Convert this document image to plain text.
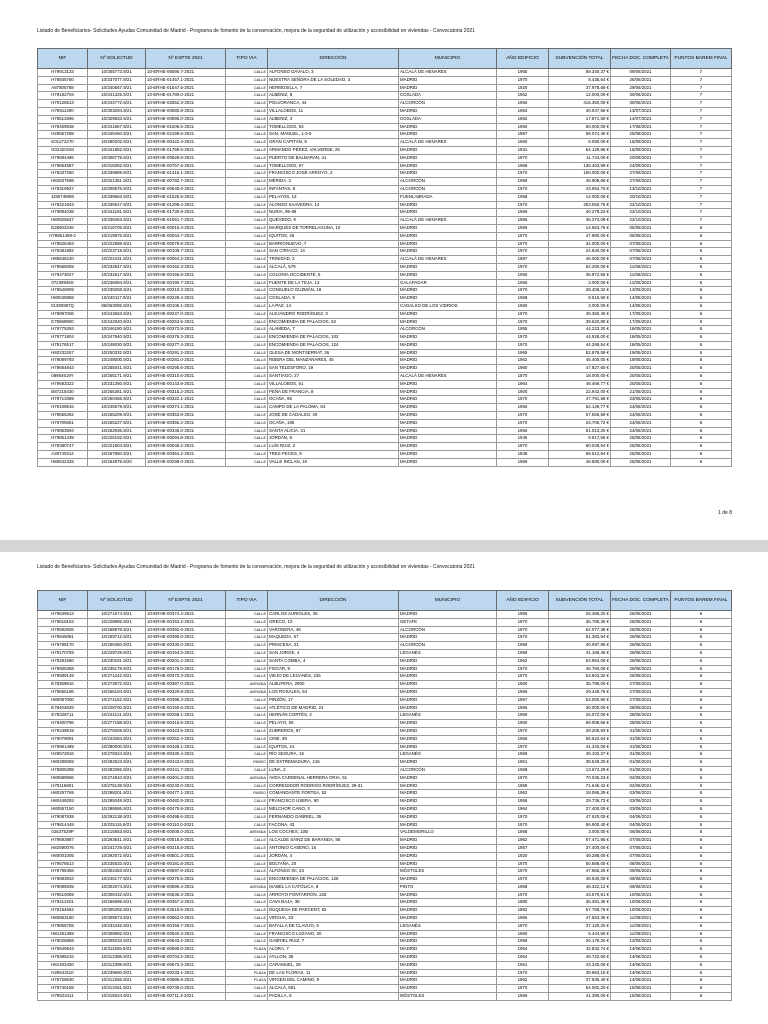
Listado de Beneficiarios- Solicitudes Ayudas Comunidad de Madrid - Programa de fomento de la conservación, mejora de la seguridad de utilización y accesibilidad en viviendas - Convocatoria 2021
NIF	Nº SOLICITUD	Nº EXPTE 2021	TIPO VIA	DIRECCIÓN	MUNICIPIO	AÑO EDIFICIO	SUBVENCIÓN TOTAL	FECHA DOC. COMPLETA	PUNTOS BAREM FINAL
H79913133	10/305773.9/21	10-ERHE-00596.7-2021	CALLE	ALFONSO DÁVALO, 3	ALCALÁ DE HENARES	1965	59.340,37 €	09/06/2021	7
H78845760	10/337077.9/21	10-ERHE-01457.1-2021	CALLE	NUESTRA SEÑORA DE LA SOLEDAD, 3	MADRID	1970	8.435,64 €	26/06/2021	7
A87805768	10/340567.9/21	10-ERHE-01547.5-2021	CALLE	HERMOSILLA, 7	MADRID	1920	37.978,68 €	29/06/2021	7
H79192704	10/341325.9/21	10-ERHE-01780.0-2021	CALLE	ALBÉNIZ, 8	COSLADA	1962	12.000,00 €	30/06/2021	7
H79125613	10/344772.9/21	10-ERHE-02552.3-2021	CALLE	POLVORANCA, 44	ALCORCÓN	1965	415.350,00 €	30/06/2021	7
H79911400	10/303294.9/21	10-ERHE-00580.8-2021	CALLE	VILLALOBOS, 11	MADRID	1963	40.047,56 €	13/07/2021	7
H78512696	10/329833.9/21	10-ERHE-00995.0-2021	CALLE	ALBENIZ, 3	COSLADA	1962	17.871,50 €	14/07/2021	7
H79469938	10/341867.9/21	10-ERHE-01606.5-2021	CALLE	TOMELLOSO, 53	MADRID	1960	60.000,00 €	17/08/2021	7
H28557288	10/345460.9/21	10-ERHE-02199.6-2021	CALLE	SAN, MANUEL, 1-3-5	MADRID	1967	58.074,40 €	25/08/2021	7
E01272270	10/280202.9/21	10-ERHE-00422.4-2021	CALLE	GRAN CAPITÁN, 9	ALCALÁ DE HENARES	1960	6.090,00 €	16/09/2021	7
G02320194	10/341882.9/21	10-ERHE-01769.5-2021	CALLE	ARMANDO PÉREZ, VALVERDE, 25	MADRID	1931	64.129,86 €	16/09/2021	7
H79684486	10/308779.9/21	10-ERHE-00629.8-2021	CALLE	PUERTO DE BALBARAN, 41	MADRID	1970	11.744,00 €	20/09/2021	7
H79664587	10/318392.9/21	10-ERHE-00757.6-2021	CALLE	TOMELLOSO, 57	MADRID	1968	135.463,99 €	24/09/2021	7
H78337250	10/336889.9/21	10-ERHE-01416.1-2021	CALLE	FRANCISCO JOSÉ ARROYO, 2	MADRID	1970	160.000,00 €	27/09/2021	7
H82537598	10/321351.9/21	10-ERHE-00782.7-2021	CALLE	MÉRIDA, 3	ALCORCÓN	1969	45.909,66 €	27/09/2021	7
H79319927	10/308576.9/21	10-ERHE-00640.6-2021	CALLE	INFANTAS, 8	ALCORCÓN	1970	43.952,70 €	13/10/2021	7
11807489W	10/339663.9/21	10-ERHE-01525.5-2021	CALLE	PELAYOS, 13	FUENLABRADA	1968	14.000,00 €	20/10/2021	7
H78221843	10/335917.9/21	10-ERHE-01298.4-2021	CALLE	ALONSO SAAVEDRA, 14	MADRID	1970	253.050,75 €	22/10/2021	7
H79894038	10/342181.9/21	10-ERHE-01730.8-2021	CALLE	NURIA, 85-89	MADRID	1969	40.278,23 €	22/10/2021	7
H80825847	10/339463.9/21	10-ERHE-01551.7-2021	CALLE	QUEVEDO, 9	ALCALÁ DE HENARES	1965	36.274,09 €	22/10/2021	7
E28603348	10/216705.9/21	10-ERHE-00016.3-2021	CALLE	MARQUÉS DE TORRELAGUNA, 10	MADRID	1959	14.663,76 €	05/05/2021	6
H78961489-2	10/219876.9/21	10-ERHE-00044.7-2021	CALLE	IQUITOS, 26	MADRID	1970	47.980,00 €	06/05/2021	6
H79626453	10/222588.9/21	10-ERHE-00078.8-2021	CALLE	BARRIONUEVO, 7	MADRID	1970	34.000,00 €	07/05/2021	6
H79381992	10/223719.9/21	10-ERHE-00109.7-2021	CALLE	SAN CIRIACO, 14	MADRID	1970	24.640,00 €	07/05/2021	6
H85645240	10/222431.9/21	10-ERHE-00064.2-2021	CALLE	TRINIDAD, 2	ALCALÁ DE HENARES	1887	46.000,00 €	07/05/2021	6
H79565065	10/232547.9/21	10-ERHE-00162.3-2021	CALLE	ALCALÁ, 579	MADRID	1970	52.260,00 €	11/05/2021	6
H79473047	10/232617.9/21	10-ERHE-00156.8-2021	CALLE	COLONIA OCCIDENTE, 6	MADRID	1955	35.972,55 €	11/05/2021	6
07239936S	10/236084.9/21	10-ERHE-00190.7-2021	CALLE	FUENTE DE LA TEJA, 13	GALAPAGAR	1955	3.000,00 €	12/05/2021	6
H79546909	10/239258.9/21	10-ERHE-00210.3-2021	CALLE	CONSUELO GUZMÁN, 19	MADRID	1970	28.406,32 €	13/05/2021	6
H80045958	10/240117.9/21	10-ERHE-00228.4-2021	CALLE	COSLADA, 8	MADRID	1968	9.615,60 €	14/05/2021	6
01390987Q	99/063095.9/21	10-ERHE-00106.1-2021	CALLE	LA PAZ, 14	CADALSO DE LOS VIDRIOS	1960	3.000,00 €	14/05/2021	6
H78897006	10/243663.9/21	10-ERHE-00247.0-2021	CALLE	ALEJANDRO RODRÍGUEZ, 3	MADRID	1970	45.360,40 €	17/05/2021	6
E78669900	10/242920.9/21	10-ERHE-00253.5-2021	CALLE	ENCOMIENDA DE PALACIOS, 62	MADRID	1970	39.620,80 €	17/05/2021	6
H79775284	10/246180.9/21	10-ERHE-00272.8-2021	CALLE	ALAMEDA, 7	ALCORCÓN	1955	44.223,20 €	18/05/2021	6
H79771804	10/247940.9/21	10-ERHE-00276.3-2021	CALLE	ENCOMIENDA DE PALACIOS, 102	MADRID	1970	44.928,00 €	18/05/2021	6
H79176517	10/248030.9/21	10-ERHE-00277.4-2021	CALLE	ENCOMIENDA DE PALACIOS, 124	MADRID	1970	44.289,54 €	18/05/2021	6
H80232267	10/250332.9/21	10-ERHE-00291.2-2021	CALLE	OLESA DE MONTSERRAT, 36	MADRID	1965	52.879,59 €	19/05/2021	6
H79089793	10/248000.9/21	10-ERHE-00281.0-2021	CALLE	RIBERA DEL MANZANARES, 45	MADRID	1962	46.400,00 €	19/05/2021	6
H79664843	10/255041.9/21	10-ERHE-00295.6-2021	CALLE	SAN TELESFORO, 19	MADRID	1960	47.827,60 €	20/05/2021	6
08954619Y	10/255171.9/21	10-ERHE-00310.6-2021	CALLE	SANTIAGO, 27	ALCALÁ DE HENARES	1870	18.000,00 €	20/05/2021	6
H79683322	10/231350.9/21	10-ERHE-00143.9-2021	CALLE	VILLALOBOS, 61	MADRID	1964	48.469,77 €	20/05/2021	6
B87215430	10/255361.9/21	10-ERHE-00315.2-2021	CALLE	PEÑA DE FRANCIA, 8	MADRID	1900	22.942,00 €	21/05/2021	6
H79713389	10/260456.9/21	10-ERHE-00322.1-2021	CALLE	OCAÑA, 95	MADRID	1970	47.791,58 €	23/05/2021	6
H79108916	10/245679.9/21	10-ERHE-00274.1-2021	CALLE	CAMPO DE LA PALOMA, 84	MADRID	1965	52.149,77 €	24/05/2021	6
H79556262	10/265209.9/21	10-ERHE-00353.8-2021	CALLE	JOSÉ DE CADALSO, 40	MADRID	1970	57.566,59 €	24/05/2021	6
H79706651	10/265227.9/21	10-ERHE-00356.2-2021	CALLE	OCAÑA, 195	MADRID	1970	23.706,72 €	24/05/2021	6
H79853594	10/262936.9/21	10-ERHE-00346.0-2021	CALLE	SANTA ALICIA, 31	MADRID	1965	51.013,20 €	24/05/2021	6
H79851439	10/225192.9/21	10-ERHE-00094.8-2021	CALLE	JORDÁN, 9	MADRID	1945	9.517,56 €	25/05/2021	6
H79380747	10/221804.9/21	10-ERHE-00048.2-2021	CALLE	LUIS RUIZ, 2	MADRID	1970	60.048,54 €	25/05/2021	6
A28740314	10/267850.9/21	10-ERHE-00364.2-2021	CALLE	TRES PECES, 9	MADRID	1848	69.512,84 €	25/05/2021	6
H80642325	10/254879.9/20	10-ERHE-00298.0-2021	CALLE	VALLE INCLAN, 18	MADRID	1969	48.680,00 €	25/05/2021	6
1 de 8
Listado de Beneficiarios- Solicitudes Ayudas Comunidad de Madrid - Programa de fomento de la conservación, mejora de la seguridad de utilización y accesibilidad en viviendas - Convocatoria 2021
NIF	Nº SOLICITUD	Nº EXPTE 2021	TIPO VIA	DIRECCIÓN	MUNICIPIO	AÑO EDIFICIO	SUBVENCIÓN TOTAL	FECHA DOC. COMPLETA	PUNTOS BAREM FINAL
H79639613	10/271574.9/21	10-ERHE-00374.4-2021	CALLE	CARLOS AURIOLES, 36	MADRID	1956	26.485,20 €	26/05/2021	6
H79618153	10/228895.9/21	10-ERHE-00153.2-2021	CALLE	GRECO, 10	GETAFE	1970	35.785,30 €	26/05/2021	6
H79592606	10/268978.9/21	10-ERHE-00392.6-2021	CALLE	VARONERA, 48	ALCORCÓN	1970	52.077,38 €	26/05/2021	6
H79845081	10/269712.9/21	10-ERHE-00395.0-2021	CALLE	MAQUEDA, 57	MADRID	1970	51.383,94 €	26/05/2021	6
H79788170	10/256350.9/21	10-ERHE-00330.0-2021	CALLE	PRINCESA, 21	ALCORCÓN	1969	40.097,95 €	26/05/2021	6
H79170759	10/229729.9/21	10-ERHE-00154.3-2021	CALLE	SAN JORGE, 4	LEGANÉS	1969	41.168,45 €	26/05/2021	6
H79291580	10/230181.9/21	10-ERHE-00201.2-2021	CALLE	SANTA COMBA, 4	MADRID	1962	53.984,00 €	26/05/2021	6
H79505368	10/235178.9/21	10-ERHE-00176.0-2021	CALLE	FISCAR, 9	MADRID	1970	46.760,00 €	26/05/2021	6
H79589149	10/271242.9/21	10-ERHE-00373.3-2021	CALLE	VIEJO DE LEGANÉS, 225	MADRID	1970	53.603,32 €	26/05/2021	6
E78359916	10/273972.9/21	10-ERHE-00387.0-2021	AVENIDA	ALBUFERA, 2900	MADRID	1960	35.796,00 €	27/05/2021	6
H79665196	10/266194.9/21	10-ERHE-00320.8-2021	AVENIDA	LOS ROSALES, 84	MADRID	1966	29.448,76 €	27/05/2021	6
H80087000	10/274152.9/21	10-ERHE-00398.3-2021	CALLE	PINZÓN, 17	MADRID	1967	53.050,80 €	27/05/2021	6
E78404829	10/228700.9/21	10-ERHE-00150.6-2021	CALLE	ATLÉTICO DE MADRID, 24	MADRID	1965	30.000,00 €	28/05/2021	6
E78329711	10/244121.9/21	10-ERHE-00258.1-2021	CALLE	HERNÁN CORTÉS, 2	LEGANÉS	1969	25.072,00 €	28/05/2021	6
H79400796	10/277188.9/21	10-ERHE-00416.6-2021	CALLE	PELAYO, 55	MADRID	1900	69.008,56 €	29/05/2021	6
H79249819	10/279269.9/21	10-ERHE-00423.5-2021	CALLE	ZUBREROS, 87	MADRID	1970	29.205,93 €	31/05/2021	6
H79079091	10/243284.9/21	10-ERHE-00252.4-2021	CALLE	CINE, 39	MADRID	1966	56.622,64 €	31/05/2021	6
H78961489	10/280000.9/21	10-ERHE-00428.1-2021	CALLE	IQUITOS, 24	MADRID	1970	41.340,00 €	31/05/2021	6
H28572816	10/279324.9/21	10-ERHE-00430.4-2021	CALLE	RÍO SEGURA, 16	LEGANÉS	1969	45.102,27 €	31/05/2021	6
H80289059	10/282523.9/21	10-ERHE-00443.0-2021	PASEO	DE EXTREMADURA, 216	MADRID	1961	39.549,20 €	01/06/2021	6
H79805398	10/283366.9/21	10-ERHE-00441.7-2021	CALLE	LUNA, 2	ALCORCÓN	1968	13.674,29 €	01/06/2021	6
H80589596	10/274910.9/21	10-ERHE-00401.2-2021	AVENIDA	AVDA CARDENAL HERRERA ORIA, 51	MADRID	1970	70.045,23 €	02/06/2021	6
H79116901	10/275138.9/21	10-ERHE-00240.0-2021	CALLE	CORREGIDOR RODRIGO RODRÍGUEZ, 29-31	MADRID	1959	71.646,42 €	02/06/2021	6
H80257769	10/288201.9/21	10-ERHE-00477.1-2021	PASEO	COMANDANTE FORTEA, 52	MADRID	1962	18.086,29 €	03/06/2021	6
H80448293	10/289348.9/21	10-ERHE-00482.8-2021	CALLE	FRANCISCO USERA, 90	MADRID	1956	29.736,73 €	03/06/2021	6
H80557150	10/288686.9/21	10-ERHE-00475.8-2021	CALLE	MELCHOR CANO, 3	MADRID	1964	27.400,00 €	03/06/2021	6
H79087839	10/292138.9/21	10-ERHE-00498.6-2021	CALLE	FERNANDO GABRIEL, 35	MADRID	1970	47.620,00 €	04/06/2021	6
H79814448	10/225115.9/21	10-ERHE-00110.0-2021	CALLE	FACONA, 43	MADRID	1970	56.900,40 €	04/06/2021	6
02537529P	10/215653.9/21	10-ERHE-00005.0-2021	AVENIDA	LOS COCHES, 10B	VALDEMORILLO	1968	3.000,00 €	06/06/2021	6
H79693887	10/293541.9/21	10-ERHE-00518.8-2021	CALLE	ALCALDE SÁINZ DE BARANDA, 86	MADRID	1962	57.471,95 €	07/06/2021	6
H82590076	10/241729.9/21	10-ERHE-00215.8-2021	CALLE	ANTONIO CASERO, 16	MADRID	1957	37.400,00 €	07/06/2021	6
H80001005	10/292672.9/21	10-ERHE-00501.2-2021	CALLE	JORDÁN, 4	MADRID	1920	49.288,00 €	07/06/2021	6
H79578514	10/235533.9/21	10-ERHE-00181.8-2021	CALLE	BOLTAÑA, 20	MADRID	1970	50.888,00 €	08/06/2021	6
H79795456	10/302453.9/21	10-ERHE-00597.8-2021	CALLE	ALFONSO XII, 23	MÓSTOLES	1970	47.565,25 €	09/06/2021	6
H79683934	10/246177.9/21	10-ERHE-00276.5-2021	CALLE	ENCOMIENDA DE PALACIOS, 126	MADRID	1970	48.540,00 €	09/06/2021	6
H79095935	10/302674.9/21	10-ERHE-00599.4-2021	AVENIDA	ISABEL LA CATÓLICA, 8	PINTO	1968	46.322,12 €	09/06/2021	6
H79510069	10/306432.9/21	10-ERHE-00636.3-2021	CALLE	ARROYO FONTARRÓN, 225	MADRID	1970	43.670,91 €	10/06/2021	6
H79412201	10/265699.9/21	10-ERHE-00357.3-2021	CALLE	CAVA BAJA, 38	MADRID	1880	35.491,36 €	10/06/2021	6
H79154662	10/305255.9/21	10-ERHE-02610.5-2021	CALLE	DUQUESA DE PARCENT, 82	MADRID	1962	57.758,76 €	10/06/2021	6
H80863180	10/308573.9/21	10-ERHE-00662.0-2021	CALLE	VIRGUA, 33	MADRID	1965	47.553,36 €	11/06/2021	6
H79855755	10/232446.9/21	10-ERHE-00158.7-2021	CALLE	BATALLA DE CLAVIJO, 5	LEGANÉS	1970	37.120,20 €	11/06/2021	6
H81451369	10/308992.9/21	10-ERHE-00640.3-2021	CALLE	FRANCISCO LOZANO, 20	MADRID	1960	5.444,60 €	11/06/2021	6
H79028858	10/309233.9/21	10-ERHE-00643.2-2021	CALLE	GABRIEL RUIZ, 7	MADRID	1959	26.179,20 €	12/06/2021	6
H79649943	10/311506.9/21	10-ERHE-00695.0-2021	PLAZA	ALORA, 7	MADRID	1954	42.832,74 €	14/06/2021	6
H79395216	10/312386.9/21	10-ERHE-00704.2-2021	CALLE	AYLLON, 39	MADRID	1964	49.722,60 €	14/06/2021	6
H81403420	10/312399.9/21	10-ERHE-00673.3-2021	CALLE	CARAMUEL, 28	MADRID	1961	43.340,00 €	14/06/2021	6
H28543110	10/239690.9/21	10-ERHE-00233.1-2021	PLAZA	DE LAS FLORAS, 11	MADRID	1970	39.983,15 €	14/06/2021	6
H79728630	10/312265.9/21	10-ERHE-00686.8-2021	PLAZA	VIRGEN DEL CAMINO, 8	MADRID	1962	37.936,40 €	14/06/2021	6
H79740155	10/313461.9/21	10-ERHE-00735.0-2021	CALLE	ALCALÁ, 581	MADRID	1970	54.082,20 €	15/06/2021	6
H79523411	10/315024.9/21	10-ERHE-00711.3-2021	CALLE	PADILLA, 8	MÓSTOLES	1969	41.390,00 €	15/06/2021	6
